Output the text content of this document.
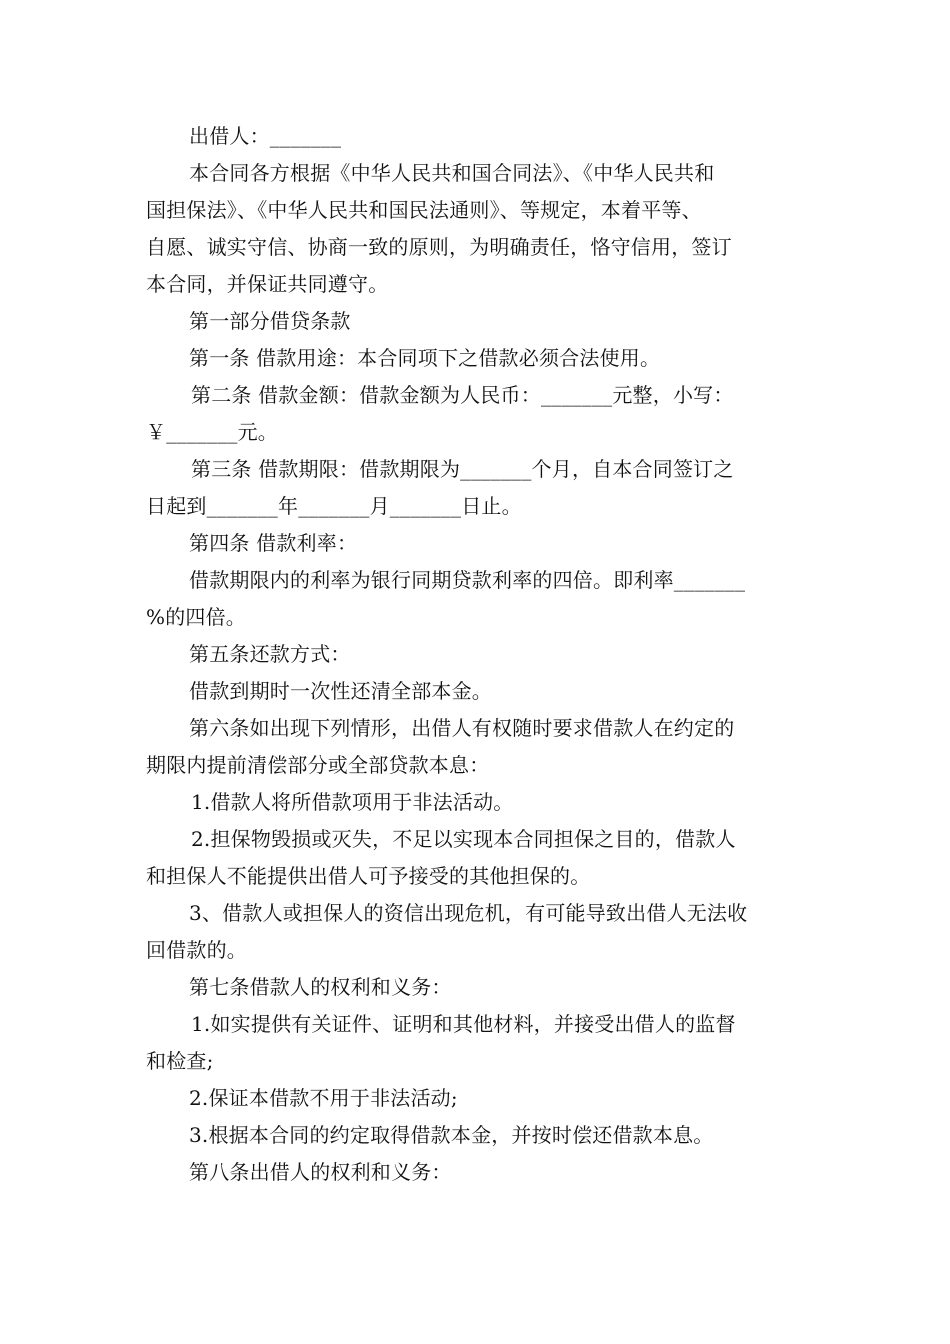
出借人：_______
本合同各方根据《中华人民共和国合同法》、《中华人民共和
国担保法》、《中华人民共和国民法通则》、等规定，本着平等、
自愿、诚实守信、协商一致的原则，为明确责任，恪守信用，签订
本合同，并保证共同遵守。
第一部分借贷条款
第一条 借款用途：本合同项下之借款必须合法使用。
第二条 借款金额：借款金额为人民币：_______元整，小写：
￥_______元。
第三条 借款期限：借款期限为_______个月，自本合同签订之
日起到_______年_______月_______日止。
第四条 借款利率：
借款期限内的利率为银行同期贷款利率的四倍。即利率_______
%的四倍。
第五条还款方式：
借款到期时一次性还清全部本金。
第六条如出现下列情形，出借人有权随时要求借款人在约定的
期限内提前清偿部分或全部贷款本息：
1.借款人将所借款项用于非法活动。
2.担保物毁损或灭失，不足以实现本合同担保之目的，借款人
和担保人不能提供出借人可予接受的其他担保的。
3、借款人或担保人的资信出现危机，有可能导致出借人无法收
回借款的。
第七条借款人的权利和义务：
1.如实提供有关证件、证明和其他材料，并接受出借人的监督
和检查;
2.保证本借款不用于非法活动;
3.根据本合同的约定取得借款本金，并按时偿还借款本息。
第八条出借人的权利和义务：
